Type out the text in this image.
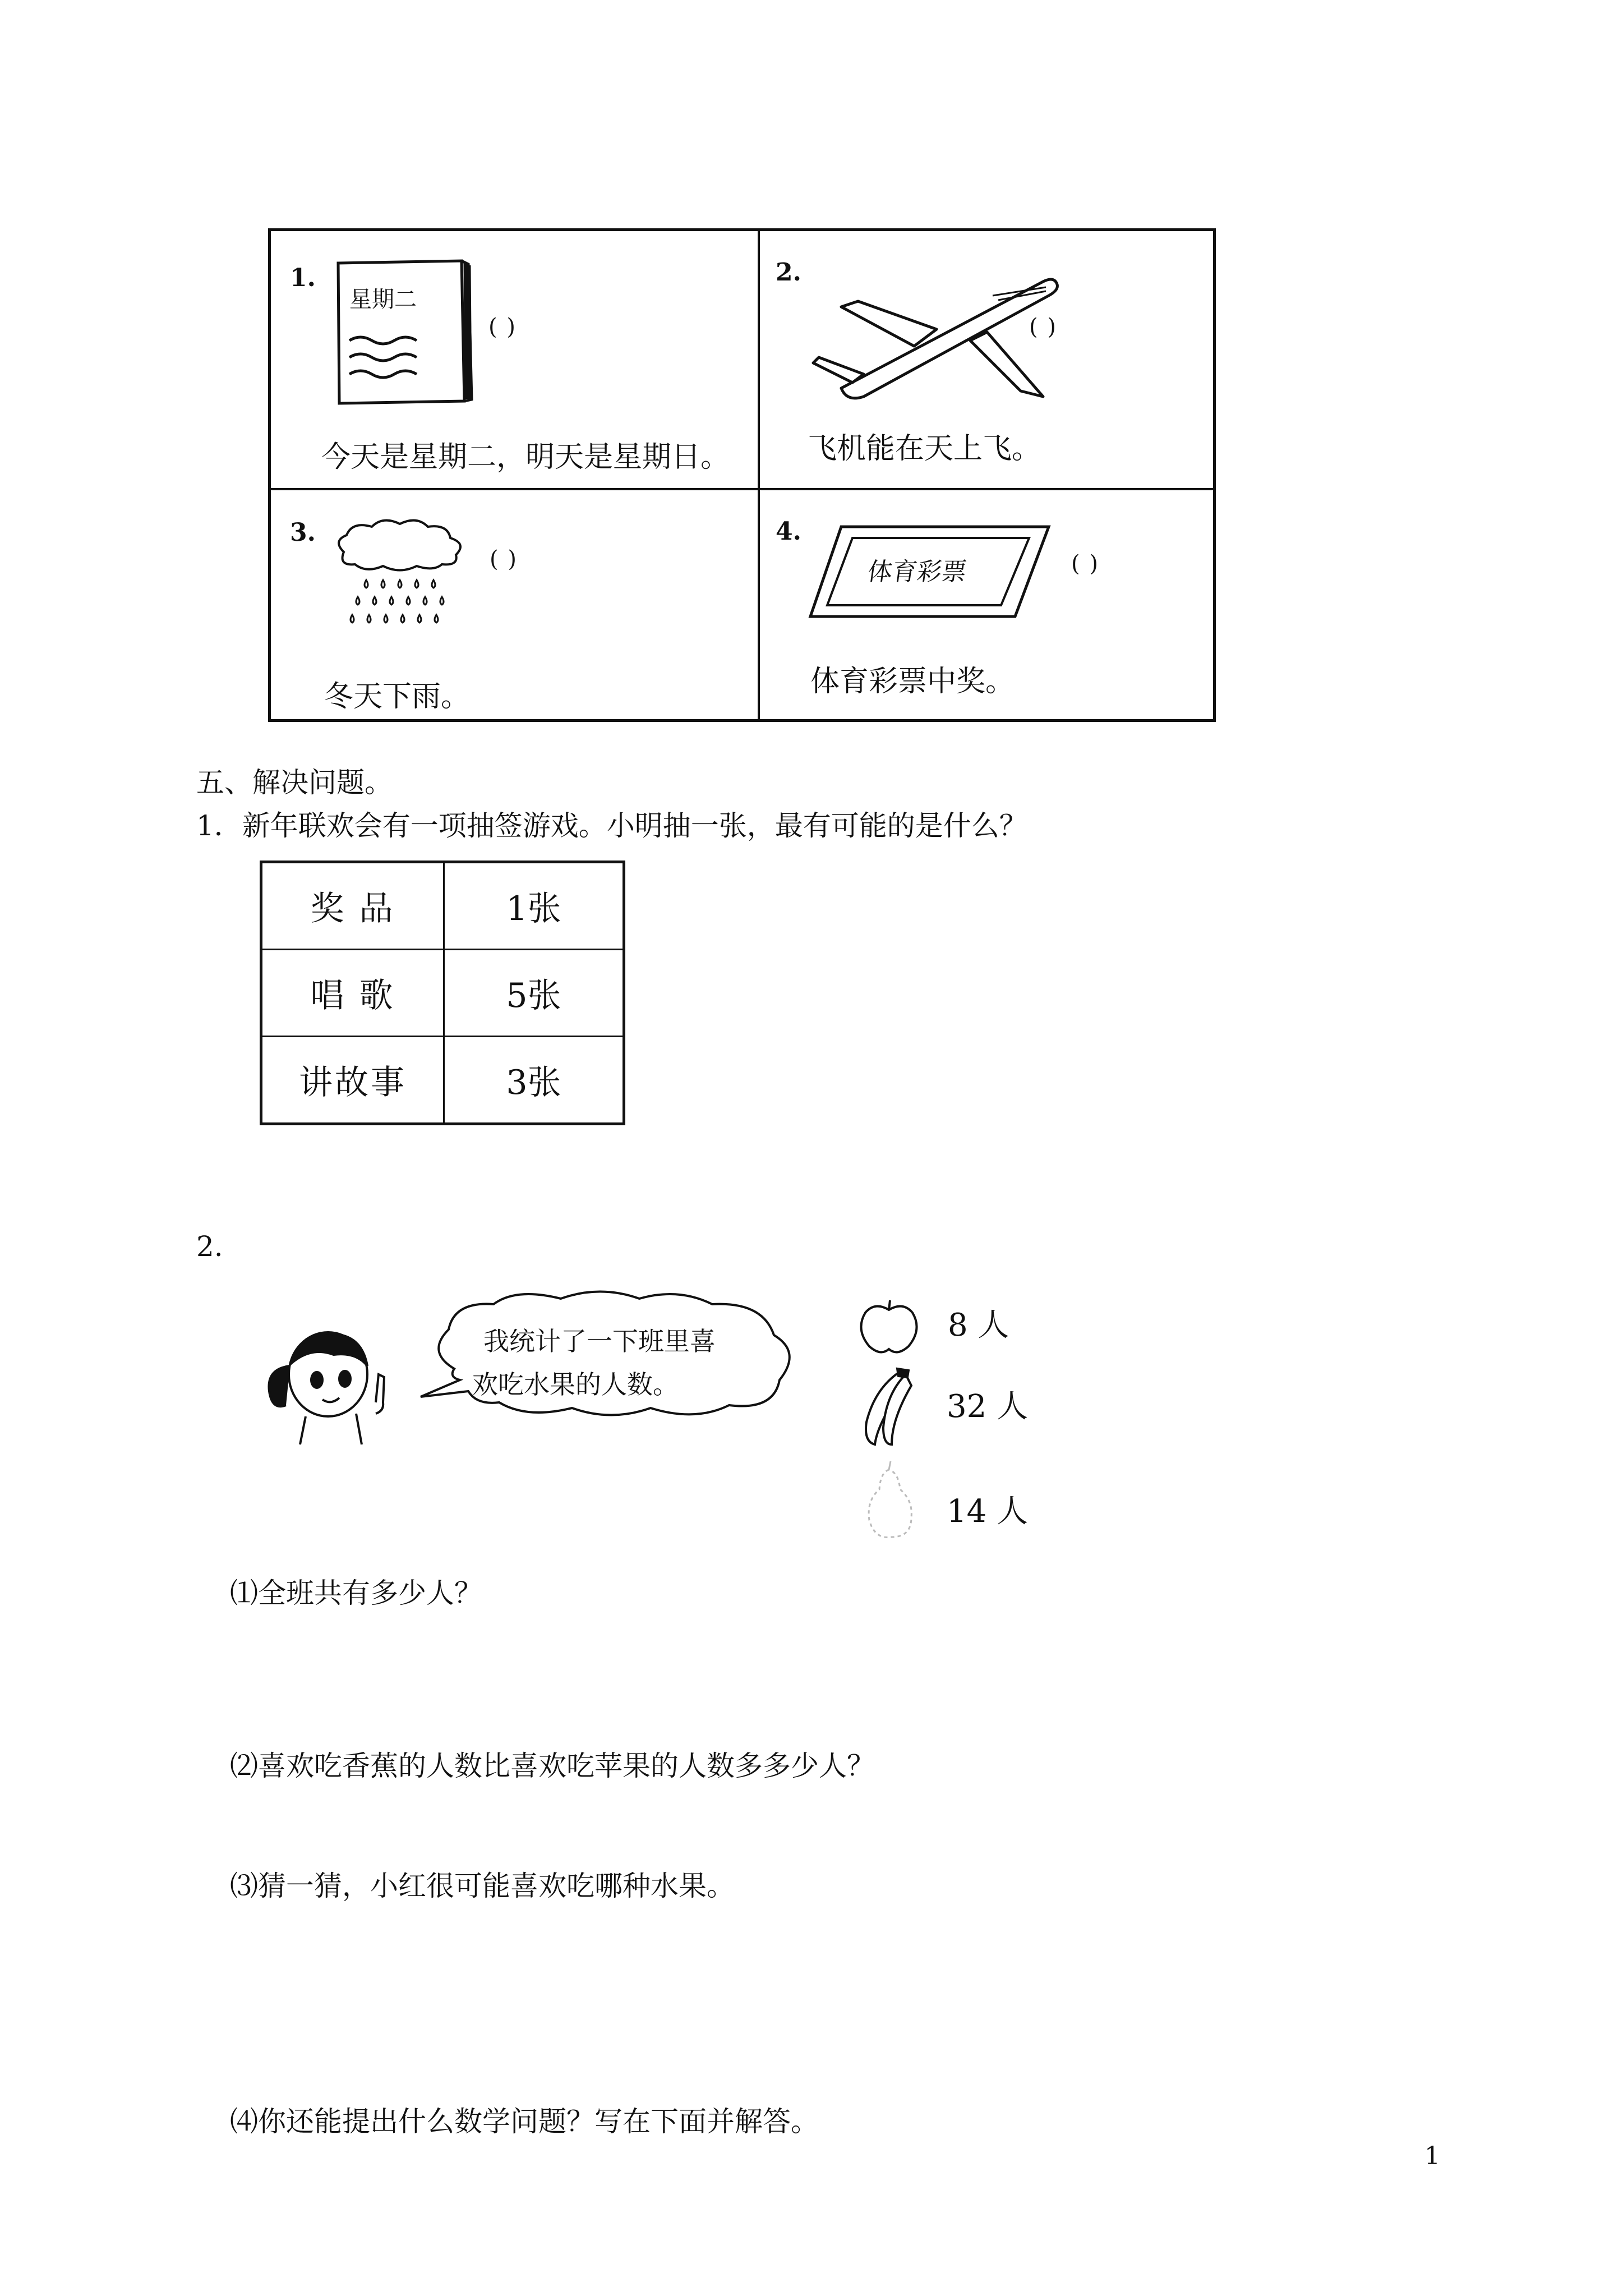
1.
星期二
( )
今天是星期二，明天是星期日。
2.
( )
飞机能在天上飞。
3.
( )
冬天下雨。
4.
体育彩票	( )
体育彩票中奖。
五、解决问题。
1．新年联欢会有一项抽签游戏。小明抽一张，最有可能的是什么？
奖 品	1张
唱 歌	5张
讲故事	3张
2.
我统计了一下班里喜
欢吃水果的人数。
8 人
32 人
14 人
⑴全班共有多少人？
⑵喜欢吃香蕉的人数比喜欢吃苹果的人数多多少人？
⑶猜一猜，小红很可能喜欢吃哪种水果。
⑷你还能提出什么数学问题？写在下面并解答。
1
